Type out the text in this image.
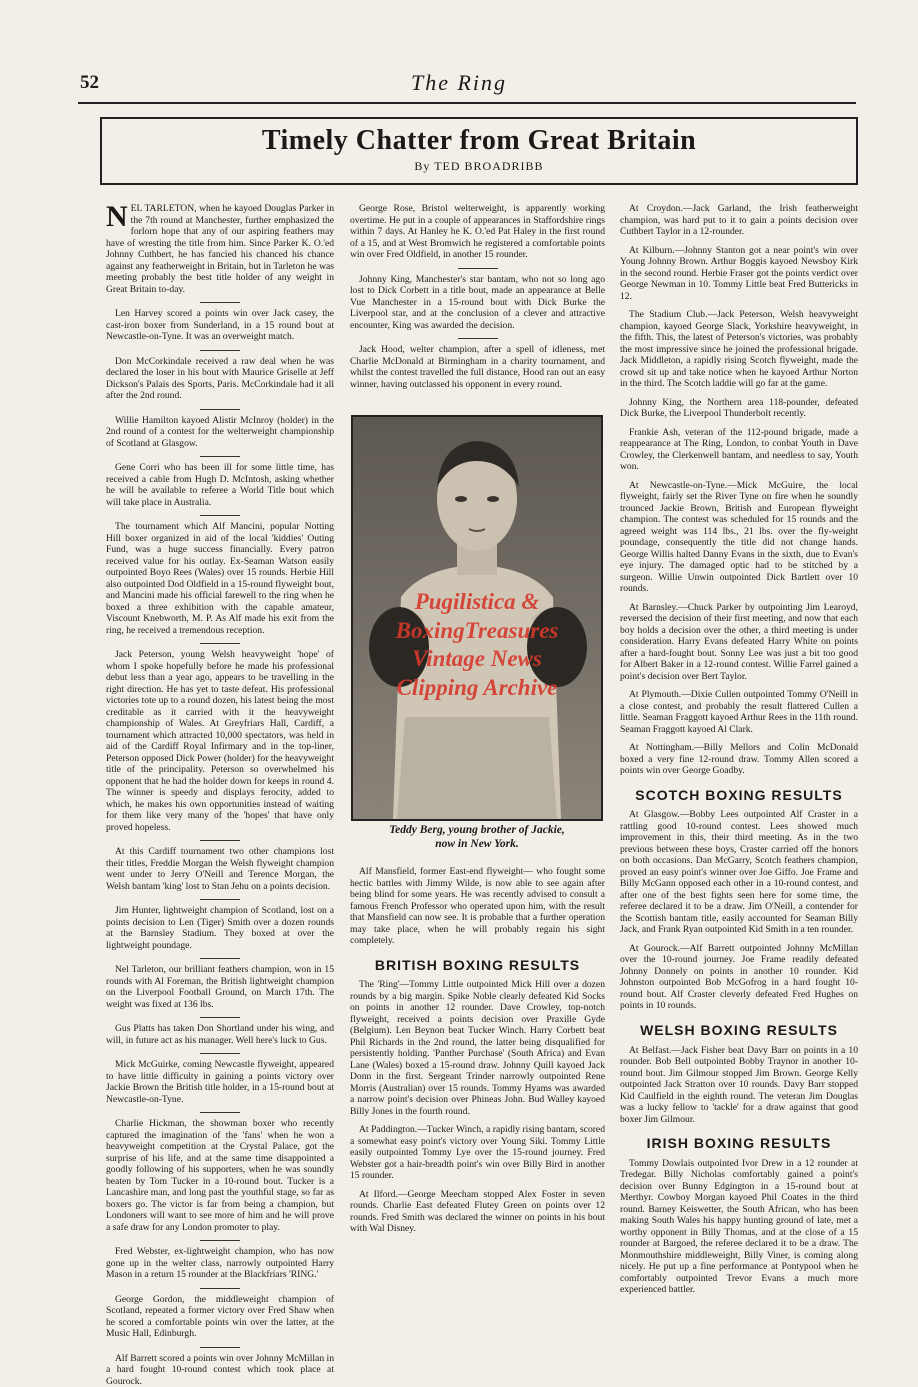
52	The Ring
Timely Chatter from Great Britain
By TED BROADRIBB

NEL TARLETON, when he kayoed Douglas Parker in the 7th round at Manchester, further emphasized the forlorn hope that any of our aspiring feathers may have of wresting the title from him. Since Parker K. O.'ed Johnny Cuthbert, he has fancied his chanced his chance against any featherweight in Britain, but in Tarleton he was meeting probably the best title holder of any weight in Great Britain to-day.

Len Harvey scored a points win over Jack casey, the cast-iron boxer from Sunderland, in a 15 round bout at Newcastle-on-Tyne. It was an overweight match.

Don McCorkindale received a raw deal when he was declared the loser in his bout with Maurice Griselle at Jeff Dickson's Palais des Sports, Paris. McCorkindale had it all after the 2nd round.

Willie Hamilton kayoed Alistir McInroy (holder) in the 2nd round of a contest for the welterweight championship of Scotland at Glasgow.

Gene Corri who has been ill for some little time, has received a cable from Hugh D. McIntosh, asking whether he will be available to referee a World Title bout which will take place in Australia.

The tournament which Alf Mancini, popular Notting Hill boxer organized in aid of the local 'kiddies' Outing Fund, was a huge success financially. Every patron received value for his outlay. Ex-Seaman Watson easily outpointed Boyo Rees (Wales) over 15 rounds. Herbie Hill also outpointed Dod Oldfield in a 15-round flyweight bout, and Mancini made his official farewell to the ring when he boxed a three exhibition with the capable amateur, Viscount Knebworth, M. P. As Alf made his exit from the ring, he received a tremendous reception.

Jack Peterson, young Welsh heavyweight 'hope' of whom I spoke hopefully before he made his professional debut less than a year ago, appears to be travelling in the right direction. He has yet to taste defeat. His professional victories tote up to a round dozen, his latest being the most creditable as it carried with it the heavyweight championship of Wales. At Greyfriars Hall, Cardiff, a tournament which attracted 10,000 spectators, was held in aid of the Cardiff Royal Infirmary and in the top-liner, Peterson opposed Dick Power (holder) for the heavyweight title of the principality. Peterson so overwhelmed his opponent that he had the holder down for keeps in round 4. The winner is speedy and displays ferocity, added to which, he makes his own opportunities instead of waiting for them like very many of the 'hopes' that have only proved hopeless.

At this Cardiff tournament two other champions lost their titles, Freddie Morgan the Welsh flyweight champion went under to Jerry O'Neill and Terence Morgan, the Welsh bantam 'king' lost to Stan Jehu on a points decision.

Jim Hunter, lightweight champion of Scotland, lost on a points decision to Len (Tiger) Smith over a dozen rounds at the Barnsley Stadium. They boxed at over the lightweight poundage.

Nel Tarleton, our brilliant feathers champion, won in 15 rounds with Al Foreman, the British lightweight champion on the Liverpool Football Ground, on March 17th. The weight was fixed at 136 lbs.

Gus Platts has taken Don Shortland under his wing, and will, in future act as his manager. Well here's luck to Gus.

Mick McGuirke, coming Newcastle flyweight, appeared to have little difficulty in gaining a points victory over Jackie Brown the British title holder, in a 15-round bout at Newcastle-on-Tyne.

Charlie Hickman, the showman boxer who recently captured the imagination of the 'fans' when he won a heavyweight competition at the Crystal Palace, got the surprise of his life, and at the same time disappointed a goodly following of his supporters, when he was soundly beaten by Tom Tucker in a 10-round bout. Tucker is a Lancashire man, and long past the youthful stage, so far as boxers go. The victor is far from being a champion, but Londoners will want to see more of him and he will prove a safe draw for any London promoter to play.

Fred Webster, ex-lightweight champion, who has now gone up in the welter class, narrowly outpointed Harry Mason in a return 15 rounder at the Blackfriars 'RING.'

George Gordon, the middleweight champion of Scotland, repeated a former victory over Fred Shaw when he scored a comfortable points win over the latter, at the Music Hall, Edinburgh.

Alf Barrett scored a points win over Johnny McMillan in a hard fought 10-round contest which took place at Gourock.

George Rose, Bristol welterweight, is apparently working overtime. He put in a couple of appearances in Staffordshire rings within 7 days. At Hanley he K. O.'ed Pat Haley in the first round of a 15, and at West Bromwich he registered a comfortable points win over Fred Oldfield, in another 15 rounder.

Johnny King, Manchester's star bantam, who not so long ago lost to Dick Corbett in a title bout, made an appearance at Belle Vue Manchester in a 15-round bout with Dick Burke the Liverpool star, and at the conclusion of a clever and attractive encounter, King was awarded the decision.

Jack Hood, welter champion, after a spell of idleness, met Charlie McDonald at Birmingham in a charity tournament, and whilst the contest travelled the full distance, Hood ran out an easy winner, having outclassed his opponent in every round.

Pugilistica &
BoxingTreasures
Vintage News
Clipping Archive
Teddy Berg, young brother of Jackie,
now in New York.

Alf Mansfield, former East-end flyweight— who fought some hectic battles with Jimmy Wilde, is now able to see again after being blind for some years. He was recently advised to consult a famous French Professor who operated upon him, with the result that Mansfield can now see. It is probable that a further operation may take place, when he will probably regain his sight completely.

BRITISH BOXING RESULTS

The 'Ring'—Tommy Little outpointed Mick Hill over a dozen rounds by a big margin. Spike Noble clearly defeated Kid Socks on points in another 12 rounder. Dave Crowley, top-notch flyweight, received a points decision over Praxille Gyde (Belgium). Len Beynon beat Tucker Winch. Harry Corbett beat Phil Richards in the 2nd round, the latter being disqualified for persistently holding. 'Panther Purchase' (South Africa) and Evan Lane (Wales) boxed a 15-round draw. Johnny Quill kayoed Jack Donn in the first. Sergeant Trinder narrowly outpointed Rene Morris (Australian) over 15 rounds. Tommy Hyams was awarded a narrow point's decision over Phineas John. Bud Walley kayoed Billy Jones in the fourth round.

At Paddington.—Tucker Winch, a rapidly rising bantam, scored a somewhat easy point's victory over Young Siki. Tommy Little easily outpointed Tommy Lye over the 15-round journey. Fred Webster got a hair-breadth point's win over Billy Bird in another 15 rounder.

At Ilford.—George Meecham stopped Alex Foster in seven rounds. Charlie East defeated Flutey Green on points over 12 rounds. Fred Smith was declared the winner on points in his bout with Wal Disney.

At Croydon.—Jack Garland, the Irish featherweight champion, was hard put to it to gain a points decision over Cuthbert Taylor in a 12-rounder.

At Kilburn.—Johnny Stanton got a near point's win over Young Johnny Brown. Arthur Boggis kayoed Newsboy Kirk in the second round. Herbie Fraser got the points verdict over George Newman in 10. Tommy Little beat Fred Buttericks in 12.

The Stadium Club.—Jack Peterson, Welsh heavyweight champion, kayoed George Slack, Yorkshire heavyweight, in the fifth. This, the latest of Peterson's victories, was probably the most impressive since he joined the professional brigade. Jack Middleton, a rapidly rising Scotch flyweight, made the crowd sit up and take notice when he kayoed Arthur Norton in the third. The Scotch laddie will go far at the game.

Johnny King, the Northern area 118-pounder, defeated Dick Burke, the Liverpool Thunderbolt recently.

Frankie Ash, veteran of the 112-pound brigade, made a reappearance at The Ring, London, to conbat Youth in Dave Crowley, the Clerkenwell bantam, and needless to say, Youth won.

At Newcastle-on-Tyne.—Mick McGuire, the local flyweight, fairly set the River Tyne on fire when he soundly trounced Jackie Brown, British and European flyweight champion. The contest was scheduled for 15 rounds and the agreed weight was 114 lbs., 21 lbs. over the fly-weight poundage, consequently the title did not change hands. George Willis halted Danny Evans in the sixth, due to Evan's eye injury. The damaged optic had to be stitched by a surgeon. Willie Unwin outpointed Dick Bartlett over 10 rounds.

At Barnsley.—Chuck Parker by outpointing Jim Learoyd, reversed the decision of their first meeting, and now that each boy holds a decision over the other, a third meeting is under consideration. Harry Evans defeated Harry White on points after a hard-fought bout. Sonny Lee was just a bit too good for Albert Baker in a 12-round contest. Willie Farrel gained a point's decision over Bert Taylor.

At Plymouth.—Dixie Cullen outpointed Tommy O'Neill in a close contest, and probably the result flattered Cullen a little. Seaman Fraggott kayoed Arthur Rees in the 11th round. Seaman Fraggott kayoed Al Clark.

At Nottingham.—Billy Mellors and Colin McDonald boxed a very fine 12-round draw. Tommy Allen scored a points win over George Goadby.

SCOTCH BOXING RESULTS

At Glasgow.—Bobby Lees outpointed Alf Craster in a rattling good 10-round contest. Lees showed much improvement in this, their third meeting. As in the two previous between these boys, Craster carried off the honors on both occasions. Dan McGarry, Scotch feathers champion, proved an easy point's winner over Joe Giffo. Joe Frame and Billy McGann opposed each other in a 10-round contest, and after one of the best fights seen here for some time, the referee declared it to be a draw. Jim O'Neill, a contender for the Scottish bantam title, easily accounted for Seaman Billy Jack, and Frank Ryan outpointed Kid Smith in a ten rounder.

At Gourock.—Alf Barrett outpointed Johnny McMillan over the 10-round journey. Joe Frame readily defeated Johnny Donnely on points in another 10 rounder. Kid Johnston outpointed Bob McGofrog in a hard fought 10-round bout. Alf Craster cleverly defeated Fred Hughes on points in 10 rounds.

WELSH BOXING RESULTS

At Belfast.—Jack Fisher beat Davy Barr on points in a 10 rounder. Bob Bell outpointed Bobby Traynor in another 10-round bout. Jim Gilmour stopped Jim Brown. George Kelly outpointed Jack Stratton over 10 rounds. Davy Barr stopped Kid Caulfield in the eighth round. The veteran Jim Douglas was a lucky fellow to 'tackle' for a draw against that good boxer Jim Gilmour.

IRISH BOXING RESULTS

Tommy Dowlais outpointed Ivor Drew in a 12 rounder at Tredegar. Billy Nicholas comfortably gained a point's decision over Bunny Edgington in a 15-round bout at Merthyr. Cowboy Morgan kayoed Phil Coates in the third round. Barney Keiswetter, the South African, who has been making South Wales his happy hunting ground of late, met a worthy opponent in Billy Thomas, and at the close of a 15 rounder at Bargoed, the referee declared it to be a draw. The Monmouthshire middleweight, Billy Viner, is coming along nicely. He put up a fine performance at Pontypool when he comfortably outpointed Trevor Evans a much more experienced battler.
